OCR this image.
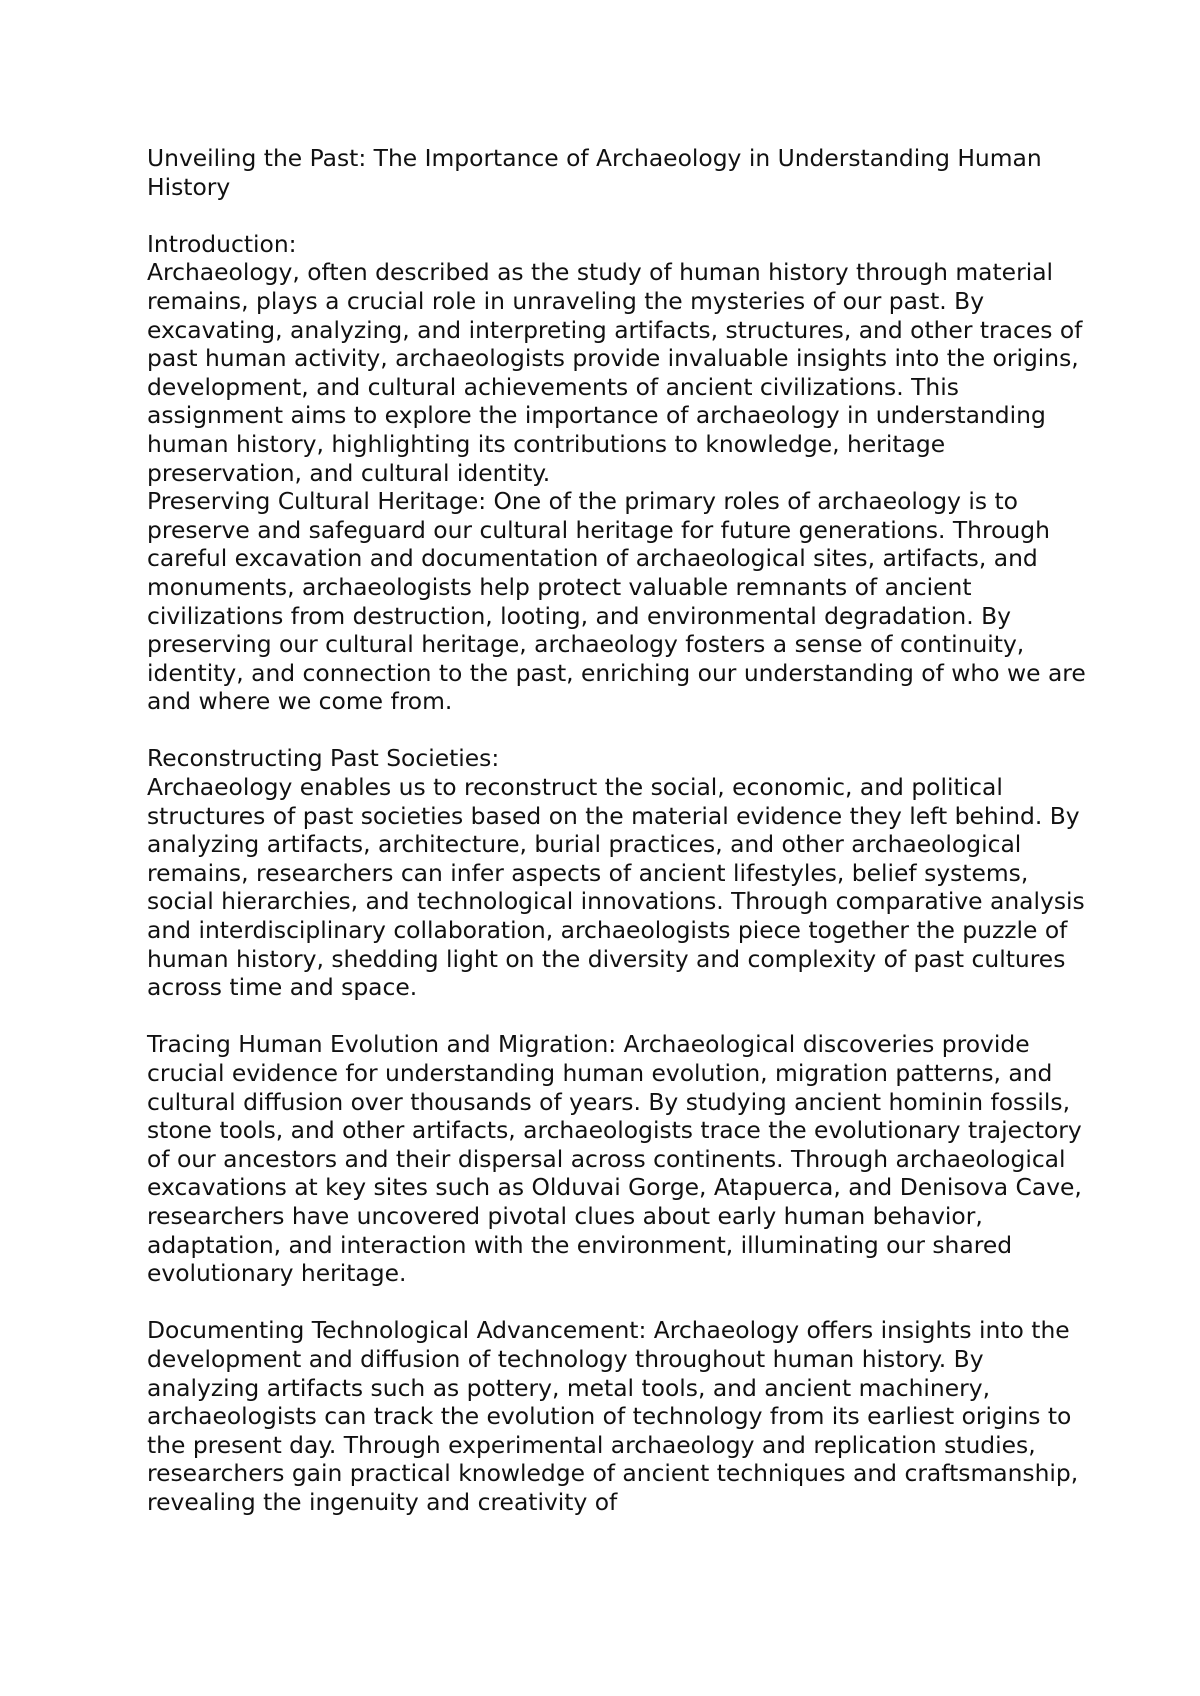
Unveiling the Past: The Importance of Archaeology in Understanding Human History

Introduction:

Archaeology, often described as the study of human history through material remains, plays a crucial role in unraveling the mysteries of our past. By excavating, analyzing, and interpreting artifacts, structures, and other traces of past human activity, archaeologists provide invaluable insights into the origins, development, and cultural achievements of ancient civilizations. This assignment aims to explore the importance of archaeology in understanding human history, highlighting its contributions to knowledge, heritage preservation, and cultural identity.

Preserving Cultural Heritage: One of the primary roles of archaeology is to preserve and safeguard our cultural heritage for future generations. Through careful excavation and documentation of archaeological sites, artifacts, and monuments, archaeologists help protect valuable remnants of ancient civilizations from destruction, looting, and environmental degradation. By preserving our cultural heritage, archaeology fosters a sense of continuity, identity, and connection to the past, enriching our understanding of who we are and where we come from.

Reconstructing Past Societies:

Archaeology enables us to reconstruct the social, economic, and political structures of past societies based on the material evidence they left behind. By analyzing artifacts, architecture, burial practices, and other archaeological remains, researchers can infer aspects of ancient lifestyles, belief systems, social hierarchies, and technological innovations. Through comparative analysis and interdisciplinary collaboration, archaeologists piece together the puzzle of human history, shedding light on the diversity and complexity of past cultures across time and space.

Tracing Human Evolution and Migration: Archaeological discoveries provide crucial evidence for understanding human evolution, migration patterns, and cultural diffusion over thousands of years. By studying ancient hominin fossils, stone tools, and other artifacts, archaeologists trace the evolutionary trajectory of our ancestors and their dispersal across continents. Through archaeological excavations at key sites such as Olduvai Gorge, Atapuerca, and Denisova Cave, researchers have uncovered pivotal clues about early human behavior, adaptation, and interaction with the environment, illuminating our shared evolutionary heritage.

Documenting Technological Advancement: Archaeology offers insights into the development and diffusion of technology throughout human history. By analyzing artifacts such as pottery, metal tools, and ancient machinery, archaeologists can track the evolution of technology from its earliest origins to the present day. Through experimental archaeology and replication studies, researchers gain practical knowledge of ancient techniques and craftsmanship, revealing the ingenuity and creativity of
